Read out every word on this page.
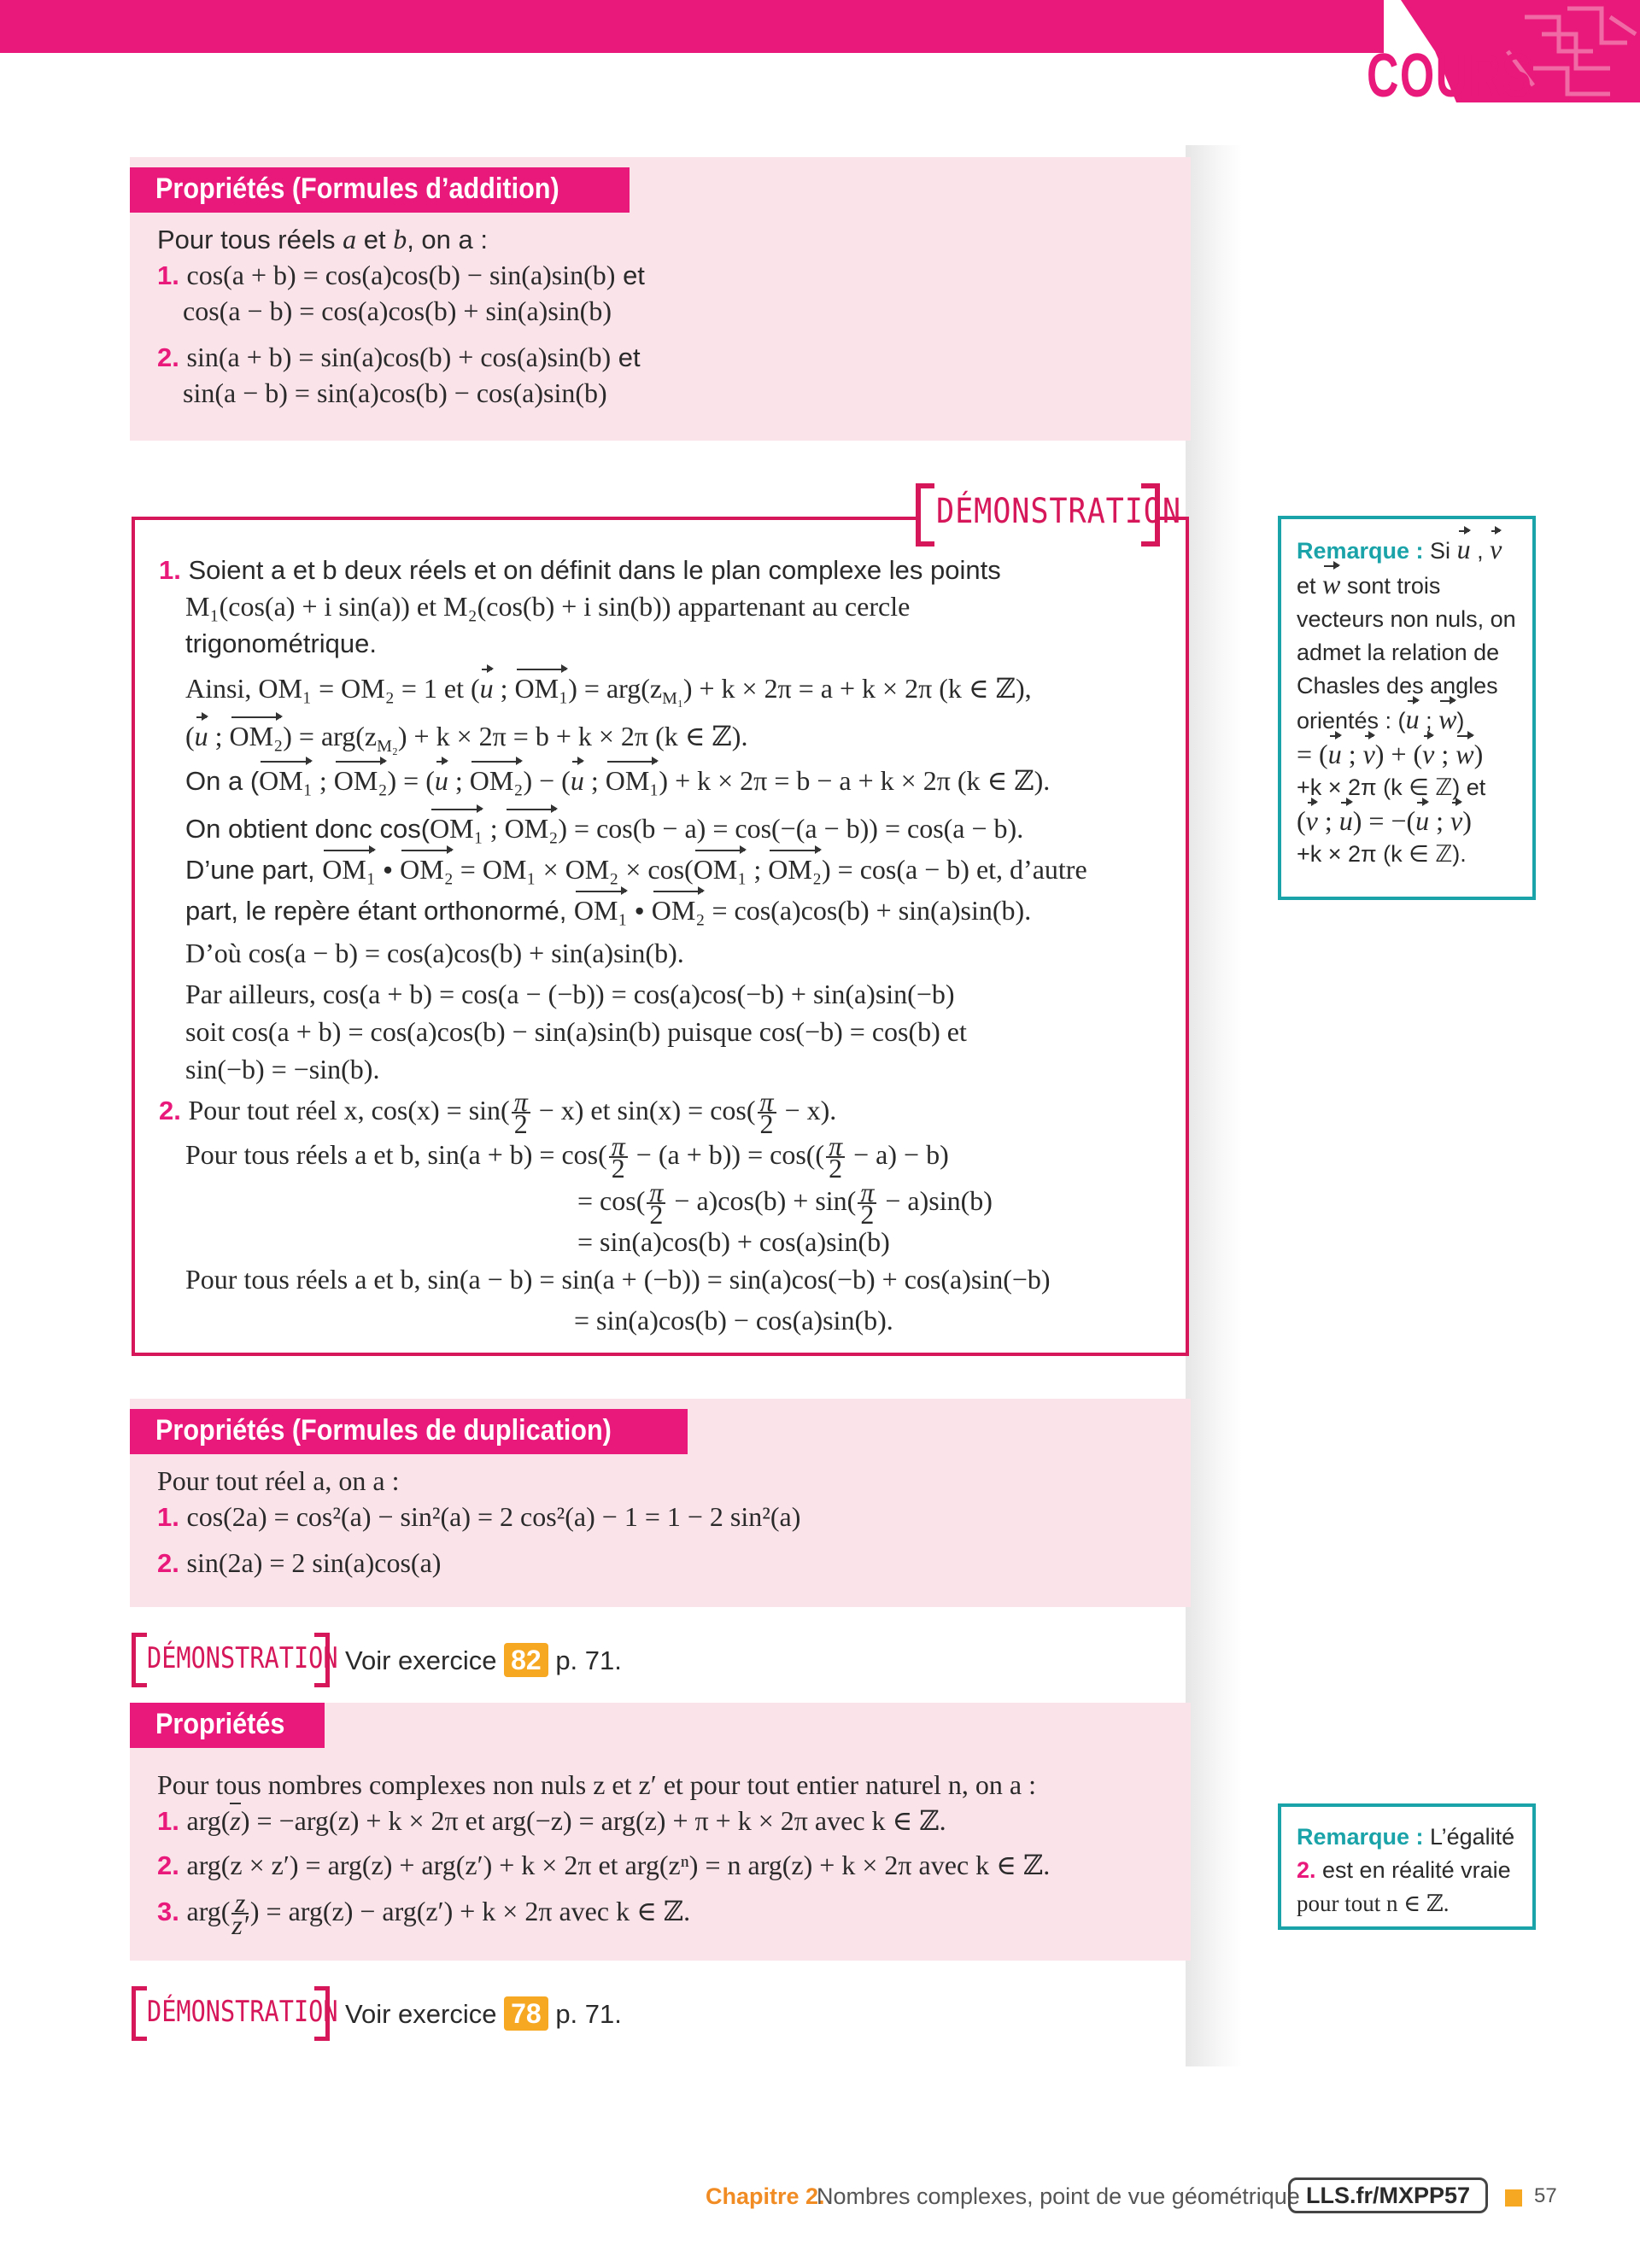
COURS
Propriétés (Formules d’addition)
Pour tous réels a et b, on a :
1. cos(a + b) = cos(a)cos(b) − sin(a)sin(b) et
cos(a − b) = cos(a)cos(b) + sin(a)sin(b)
2. sin(a + b) = sin(a)cos(b) + cos(a)sin(b) et
sin(a − b) = sin(a)cos(b) − cos(a)sin(b)
DÉMONSTRATION
1. Soient a et b deux réels et on définit dans le plan complexe les points
M₁(cos(a) + i sin(a)) et M₂(cos(b) + i sin(b)) appartenant au cercle
trigonométrique.
Ainsi, OM₁ = OM₂ = 1 et (u ; $OM_1) = arg(z_{M_1}) + k \times 2\pi = a + k \times 2\pi$ (k ∈ ℤ),
(u ; $OM_2) = arg(z_{M_2}) + k \times 2\pi = b + k \times 2\pi$ (k ∈ ℤ).
On a (OM₁ ; OM₂) = (u ; OM₂) − (u ; OM₁) + k × 2π = b − a + k × 2π (k ∈ ℤ).
On obtient donc cos(OM₁ ; OM₂) = cos(b − a) = cos(−(a − b)) = cos(a − b).
D’une part, OM₁ • OM₂ = OM₁ × OM₂ × cos(OM₁ ; OM₂) = cos(a − b) et, d’autre
part, le repère étant orthonormé, OM₁ • OM₂ = cos(a)cos(b) + sin(a)sin(b).
D’où cos(a − b) = cos(a)cos(b) + sin(a)sin(b).
Par ailleurs, cos(a + b) = cos(a − (−b)) = cos(a)cos(−b) + sin(a)sin(−b)
soit cos(a + b) = cos(a)cos(b) − sin(a)sin(b) puisque cos(−b) = cos(b) et
sin(−b) = −sin(b).
2. Pour tout réel x, $\cos(x) = \sin( \frac{\pi}{2} - x)$ et $\sin(x) = \cos( \frac{\pi}{2} - x)$.
Pour tous réels a et b, $\sin(a + b) = \cos( \frac{\pi}{2} - (a + b)) = \cos(( \frac{\pi}{2} - a) - b)$
= $\cos( \frac{\pi}{2} - a)\cos(b) + \sin( \frac{\pi}{2} - a)\sin(b)$
= sin(a)cos(b) + cos(a)sin(b)
Pour tous réels a et b, sin(a − b) = sin(a + (−b)) = sin(a)cos(−b) + cos(a)sin(−b)
= sin(a)cos(b) − cos(a)sin(b).
Remarque : Si u , v
et w sont trois
vecteurs non nuls, on
admet la relation de
Chasles des angles
orientés : (u ; w)
= (u ; v) + (v ; w)
+k × 2π (k ∈ ℤ) et
(v ; u) = −(u ; v)
+k × 2π (k ∈ ℤ).
Propriétés (Formules de duplication)
Pour tout réel a, on a :
1. cos(2a) = cos²(a) − sin²(a) = 2 cos²(a) − 1 = 1 − 2 sin²(a)
2. sin(2a) = 2 sin(a)cos(a)
DÉMONSTRATION Voir exercice 82 p. 71.
Propriétés
Pour tous nombres complexes non nuls z et z′ et pour tout entier naturel n, on a :
1. arg(z) = −arg(z) + k × 2π et arg(−z) = arg(z) + π + k × 2π avec k ∈ ℤ.
2. arg(z × z′) = arg(z) + arg(z′) + k × 2π et arg(zⁿ) = n arg(z) + k × 2π avec k ∈ ℤ.
3. $arg( \frac{z}{z'}$ ) = arg(z) − arg(z′) + k × 2π avec k ∈ ℤ.
Remarque : L’égalité
2. est en réalité vraie
pour tout n ∈ ℤ.
DÉMONSTRATION Voir exercice 78 p. 71.
Chapitre 2.
Nombres complexes, point de vue géométrique LLS.fr/MXPP57	57
